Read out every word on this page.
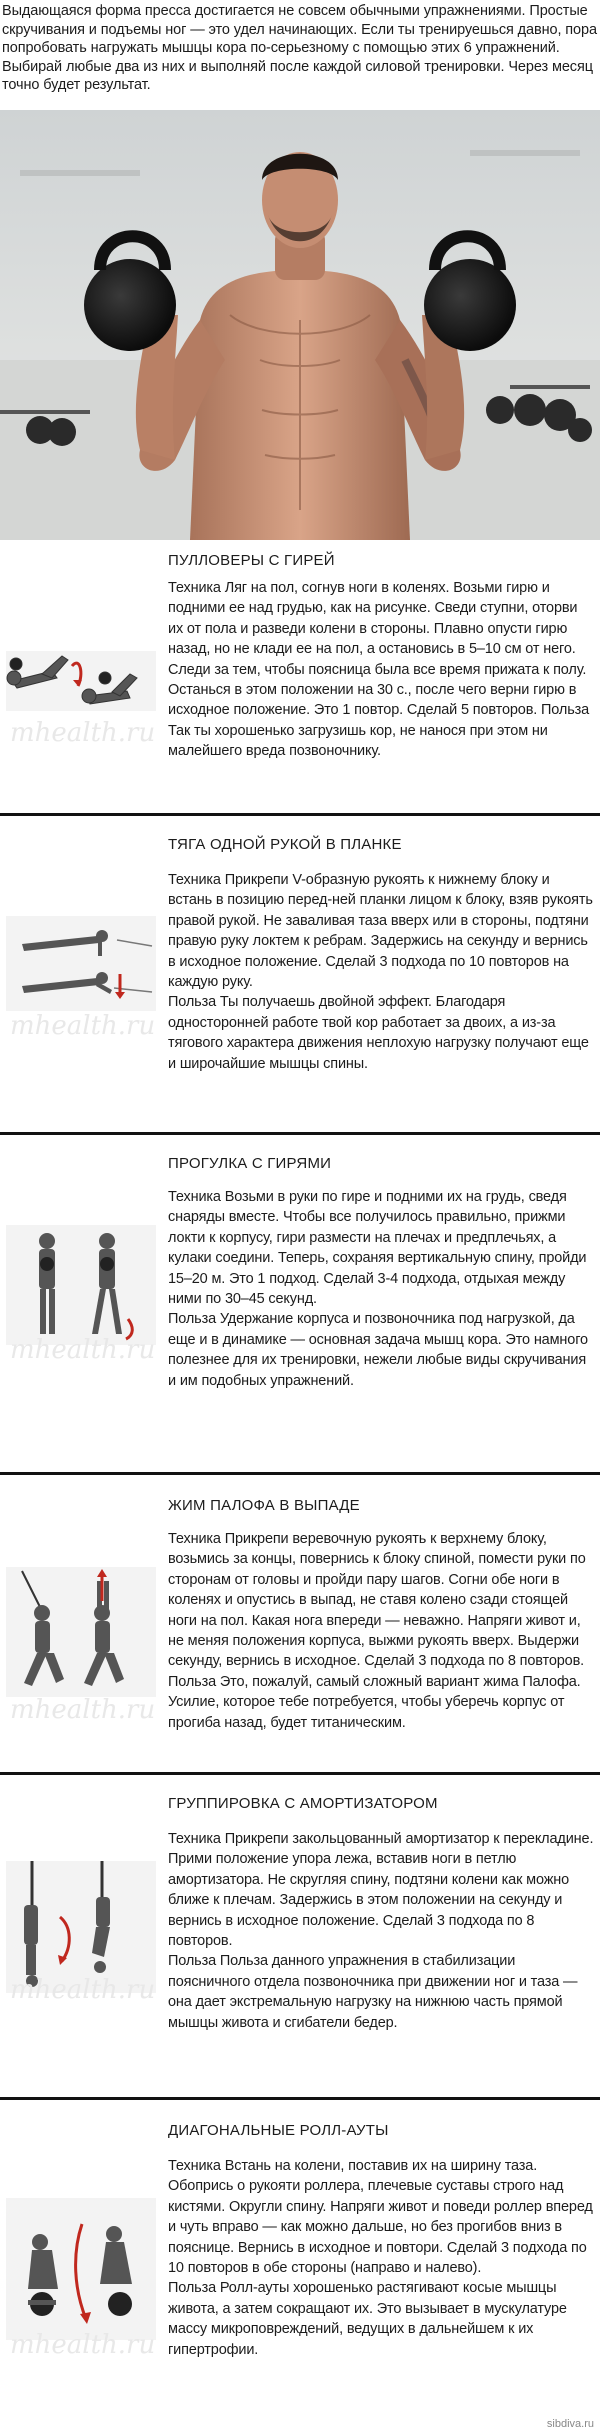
Выдающаяся форма пресса достигается не совсем обычными упражнениями. Простые скручивания и подъемы ног — это удел начинающих. Если ты тренируешься давно, пора попробовать нагружать мышцы кора по-серьезному с помощью этих 6 упражнений. Выбирай любые два из них и выполняй после каждой силовой тренировки. Через месяц точно будет результат.
ПУЛЛОВЕРЫ С ГИРЕЙ
mhealth.ru

Техника Ляг на пол, согнув ноги в коленях. Возьми гирю и подними ее над грудью, как на рисунке. Сведи ступни, оторви их от пола и разведи колени в стороны. Плавно опусти гирю назад, но не клади ее на пол, а остановись в 5–10 см от него. Следи за тем, чтобы поясница была все время прижата к полу. Останься в этом положении на 30 с., после чего верни гирю в исходное положение. Это 1 повтор. Сделай 5 повторов. Польза Так ты хорошенько загрузишь кор, не нанося при этом ни малейшего вреда позвоночнику.

ТЯГА ОДНОЙ РУКОЙ В ПЛАНКЕ
mhealth.ru

Техника Прикрепи V-образную рукоять к нижнему блоку и встань в позицию перед-ней планки лицом к блоку, взяв рукоять правой рукой. Не заваливая таза вверх или в стороны, подтяни правую руку локтем к ребрам. Задержись на секунду и вернись в исходное положение. Сделай 3 подхода по 10 повторов на каждую руку.

Польза Ты получаешь двойной эффект. Благодаря односторонней работе твой кор работает за двоих, а из-за тягового характера движения неплохую нагрузку получают еще и широчайшие мышцы спины.

ПРОГУЛКА С ГИРЯМИ
mhealth.ru

Техника Возьми в руки по гире и подними их на грудь, сведя снаряды вместе. Чтобы все получилось правильно, прижми локти к корпусу, гири размести на плечах и предплечьях, а кулаки соедини. Теперь, сохраняя вертикальную спину, пройди 15–20 м. Это 1 подход. Сделай 3-4 подхода, отдыхая между ними по 30–45 секунд.

Польза Удержание корпуса и позвоночника под нагрузкой, да еще и в динамике — основная задача мышц кора. Это намного полезнее для их тренировки, нежели любые виды скручивания и им подобных упражнений.

ЖИМ ПАЛОФА В ВЫПАДЕ
mhealth.ru

Техника Прикрепи веревочную рукоять к верхнему блоку, возьмись за концы, повернись к блоку спиной, помести руки по сторонам от головы и пройди пару шагов. Согни обе ноги в коленях и опустись в выпад, не ставя колено сзади стоящей ноги на пол. Какая нога впереди — неважно. Напряги живот и, не меняя положения корпуса, выжми рукоять вверх. Выдержи секунду, вернись в исходное. Сделай 3 подхода по 8 повторов.

Польза Это, пожалуй, самый сложный вариант жима Палофа. Усилие, которое тебе потребуется, чтобы уберечь корпус от прогиба назад, будет титаническим.

ГРУППИРОВКА С АМОРТИЗАТОРОМ
mhealth.ru

Техника Прикрепи закольцованный амортизатор к перекладине. Прими положение упора лежа, вставив ноги в петлю амортизатора. Не скругляя спину, подтяни колени как можно ближе к плечам. Задержись в этом положении на секунду и вернись в исходное положение. Сделай 3 подхода по 8 повторов.

Польза Польза данного упражнения в стабилизации поясничного отдела позвоночника при движении ног и таза — она дает экстремальную нагрузку на нижнюю часть прямой мышцы живота и сгибатели бедер.

ДИАГОНАЛЬНЫЕ РОЛЛ-АУТЫ
mhealth.ru

Техника Встань на колени, поставив их на ширину таза. Обопрись о рукояти роллера, плечевые суставы строго над кистями. Округли спину. Напряги живот и поведи роллер вперед и чуть вправо — как можно дальше, но без прогибов вниз в пояснице. Вернись в исходное и повтори. Сделай 3 подхода по 10 повторов в обе стороны (направо и налево).

Польза Ролл-ауты хорошенько растягивают косые мышцы живота, а затем сокращают их. Это вызывает в мускулатуре массу микроповреждений, ведущих в дальнейшем к их гипертрофии.

sibdiva.ru
